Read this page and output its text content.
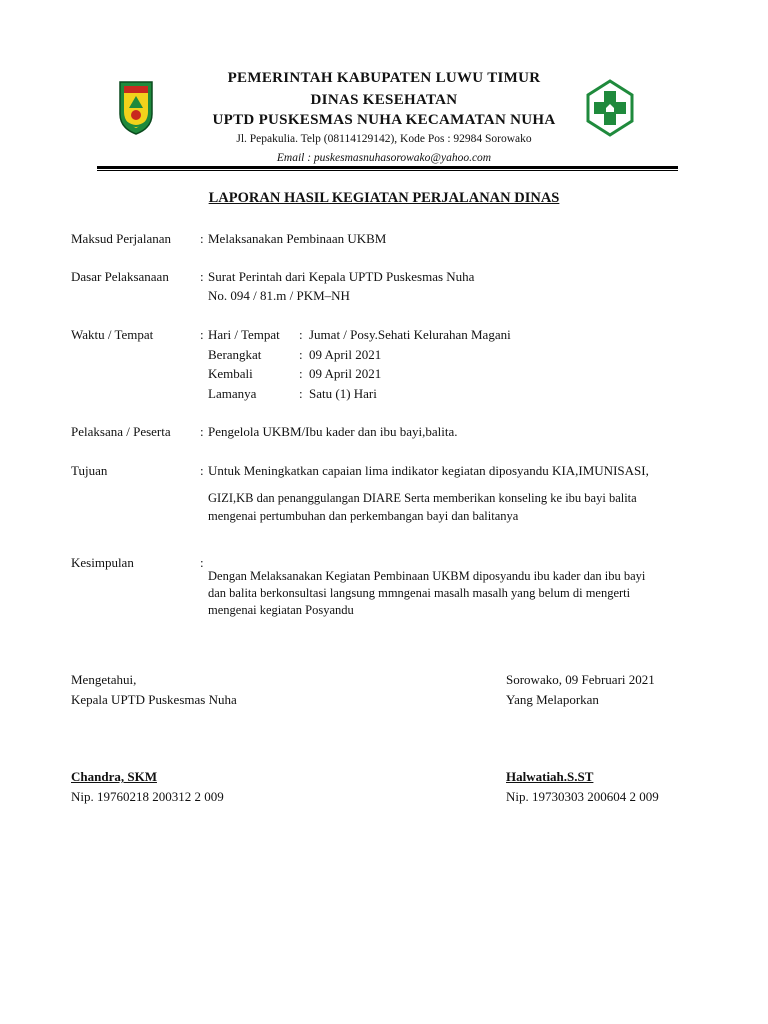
PEMERINTAH KABUPATEN LUWU TIMUR
DINAS KESEHATAN
UPTD PUSKESMAS NUHA KECAMATAN NUHA
Jl. Pepakulia. Telp (08114129142), Kode Pos : 92984 Sorowako
Email : puskesmasnuhasorowako@yahoo.com
LAPORAN HASIL KEGIATAN PERJALANAN DINAS
Maksud Perjalanan : Melaksanakan Pembinaan UKBM
Dasar Pelaksanaan : Surat Perintah dari Kepala UPTD Puskesmas Nuha
No. 094 / 81.m / PKM–NH
Waktu / Tempat	: Hari / Tempat : Jumat / Posy.Sehati Kelurahan Magani
Berangkat	: 09 April 2021
Kembali	: 09 April 2021
Lamanya	: Satu (1) Hari
Pelaksana / Peserta : Pengelola UKBM/Ibu kader dan ibu bayi,balita.
Tujuan	: Untuk Meningkatkan capaian lima indikator kegiatan diposyandu KIA,IMUNISASI,
GIZI,KB dan penanggulangan DIARE Serta memberikan konseling ke ibu bayi balita
mengenai pertumbuhan dan perkembangan bayi dan balitanya
Kesimpulan	:
Dengan Melaksanakan Kegiatan Pembinaan UKBM diposyandu ibu kader dan ibu bayi
dan balita berkonsultasi langsung mmngenai masalh masalh yang belum di mengerti
mengenai kegiatan Posyandu
Mengetahui,
Kepala UPTD Puskesmas Nuha
Chandra, SKM
Nip. 19760218 200312 2 009
Sorowako, 09 Februari 2021
Yang Melaporkan
Halwatiah.S.ST
Nip. 19730303 200604 2 009
